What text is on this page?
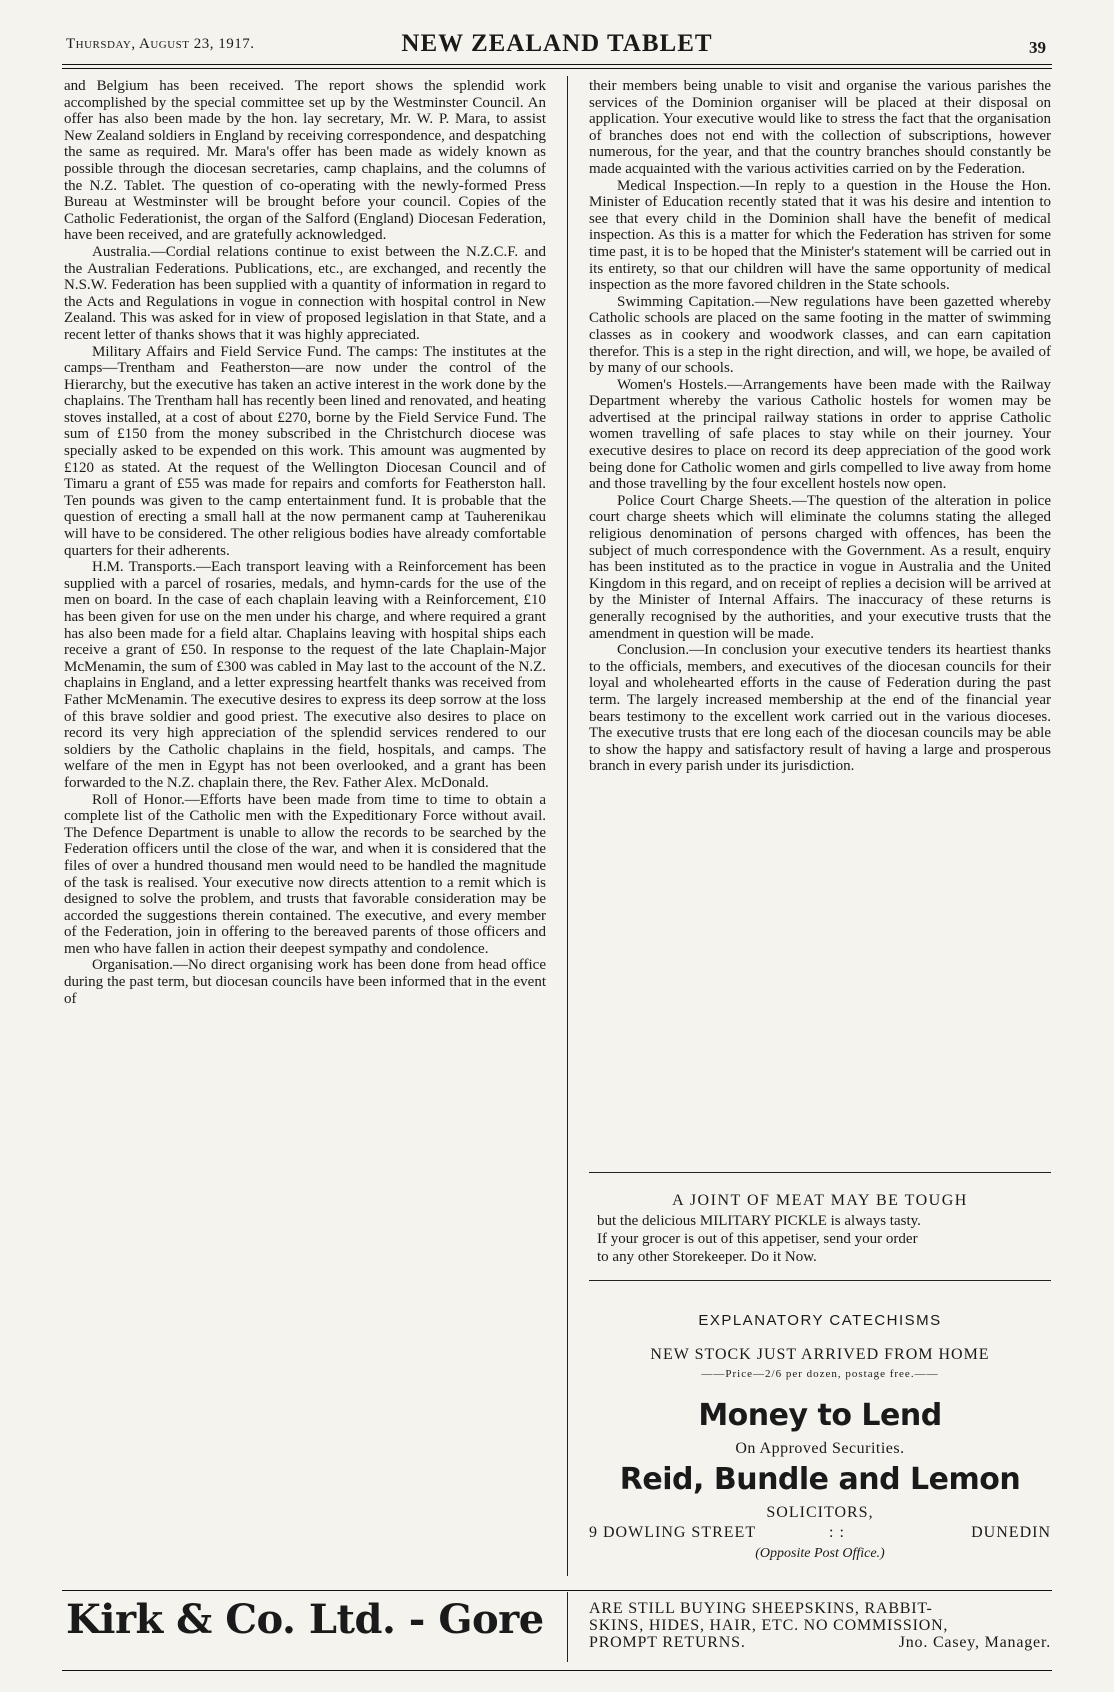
Thursday, August 23, 1917.	NEW ZEALAND TABLET	39

and Belgium has been received. The report shows the splendid work accomplished by the special committee set up by the Westminster Council. An offer has also been made by the hon. lay secretary, Mr. W. P. Mara, to assist New Zealand soldiers in England by receiving correspondence, and despatching the same as required. Mr. Mara's offer has been made as widely known as possible through the diocesan secretaries, camp chaplains, and the columns of the N.Z. Tablet. The question of co-operating with the newly-formed Press Bureau at Westminster will be brought before your council. Copies of the Catholic Federationist, the organ of the Salford (England) Diocesan Federation, have been received, and are gratefully acknowledged.

Australia.—Cordial relations continue to exist between the N.Z.C.F. and the Australian Federations. Publications, etc., are exchanged, and recently the N.S.W. Federation has been supplied with a quantity of information in regard to the Acts and Regulations in vogue in connection with hospital control in New Zealand. This was asked for in view of proposed legislation in that State, and a recent letter of thanks shows that it was highly appreciated.

Military Affairs and Field Service Fund. The camps: The institutes at the camps—Trentham and Featherston—are now under the control of the Hierarchy, but the executive has taken an active interest in the work done by the chaplains. The Trentham hall has recently been lined and renovated, and heating stoves installed, at a cost of about £270, borne by the Field Service Fund. The sum of £150 from the money subscribed in the Christchurch diocese was specially asked to be expended on this work. This amount was augmented by £120 as stated. At the request of the Wellington Diocesan Council and of Timaru a grant of £55 was made for repairs and comforts for Featherston hall. Ten pounds was given to the camp entertainment fund. It is probable that the question of erecting a small hall at the now permanent camp at Tauherenikau will have to be considered. The other religious bodies have already comfortable quarters for their adherents.

H.M. Transports.—Each transport leaving with a Reinforcement has been supplied with a parcel of rosaries, medals, and hymn-cards for the use of the men on board. In the case of each chaplain leaving with a Reinforcement, £10 has been given for use on the men under his charge, and where required a grant has also been made for a field altar. Chaplains leaving with hospital ships each receive a grant of £50. In response to the request of the late Chaplain-Major McMenamin, the sum of £300 was cabled in May last to the account of the N.Z. chaplains in England, and a letter expressing heartfelt thanks was received from Father McMenamin. The executive desires to express its deep sorrow at the loss of this brave soldier and good priest. The executive also desires to place on record its very high appreciation of the splendid services rendered to our soldiers by the Catholic chaplains in the field, hospitals, and camps. The welfare of the men in Egypt has not been overlooked, and a grant has been forwarded to the N.Z. chaplain there, the Rev. Father Alex. McDonald.

Roll of Honor.—Efforts have been made from time to time to obtain a complete list of the Catholic men with the Expeditionary Force without avail. The Defence Department is unable to allow the records to be searched by the Federation officers until the close of the war, and when it is considered that the files of over a hundred thousand men would need to be handled the magnitude of the task is realised. Your executive now directs attention to a remit which is designed to solve the problem, and trusts that favorable consideration may be accorded the suggestions therein contained. The executive, and every member of the Federation, join in offering to the bereaved parents of those officers and men who have fallen in action their deepest sympathy and condolence.

Organisation.—No direct organising work has been done from head office during the past term, but diocesan councils have been informed that in the event of

their members being unable to visit and organise the various parishes the services of the Dominion organiser will be placed at their disposal on application. Your executive would like to stress the fact that the organisation of branches does not end with the collection of subscriptions, however numerous, for the year, and that the country branches should constantly be made acquainted with the various activities carried on by the Federation.

Medical Inspection.—In reply to a question in the House the Hon. Minister of Education recently stated that it was his desire and intention to see that every child in the Dominion shall have the benefit of medical inspection. As this is a matter for which the Federation has striven for some time past, it is to be hoped that the Minister's statement will be carried out in its entirety, so that our children will have the same opportunity of medical inspection as the more favored children in the State schools.

Swimming Capitation.—New regulations have been gazetted whereby Catholic schools are placed on the same footing in the matter of swimming classes as in cookery and woodwork classes, and can earn capitation therefor. This is a step in the right direction, and will, we hope, be availed of by many of our schools.

Women's Hostels.—Arrangements have been made with the Railway Department whereby the various Catholic hostels for women may be advertised at the principal railway stations in order to apprise Catholic women travelling of safe places to stay while on their journey. Your executive desires to place on record its deep appreciation of the good work being done for Catholic women and girls compelled to live away from home and those travelling by the four excellent hostels now open.

Police Court Charge Sheets.—The question of the alteration in police court charge sheets which will eliminate the columns stating the alleged religious denomination of persons charged with offences, has been the subject of much correspondence with the Government. As a result, enquiry has been instituted as to the practice in vogue in Australia and the United Kingdom in this regard, and on receipt of replies a decision will be arrived at by the Minister of Internal Affairs. The inaccuracy of these returns is generally recognised by the authorities, and your executive trusts that the amendment in question will be made.

Conclusion.—In conclusion your executive tenders its heartiest thanks to the officials, members, and executives of the diocesan councils for their loyal and wholehearted efforts in the cause of Federation during the past term. The largely increased membership at the end of the financial year bears testimony to the excellent work carried out in the various dioceses. The executive trusts that ere long each of the diocesan councils may be able to show the happy and satisfactory result of having a large and prosperous branch in every parish under its jurisdiction.

A JOINT OF MEAT MAY BE TOUGH
but the delicious MILITARY PICKLE is always tasty.
If your grocer is out of this appetiser, send your order
to any other Storekeeper. Do it Now.
EXPLANATORY CATECHISMS
NEW STOCK JUST ARRIVED FROM HOME
——Price—2/6 per dozen, postage free.——
Money to Lend
On Approved Securities.
Reid, Bundle and Lemon
SOLICITORS,
9 DOWLING STREET	: :	DUNEDIN
(Opposite Post Office.)
Kirk & Co. Ltd. - Gore	ARE STILL BUYING SHEEPSKINS, RABBIT-
SKINS, HIDES, HAIR, ETC. NO COMMISSION,
PROMPT RETURNS.	Jno. Casey, Manager.
